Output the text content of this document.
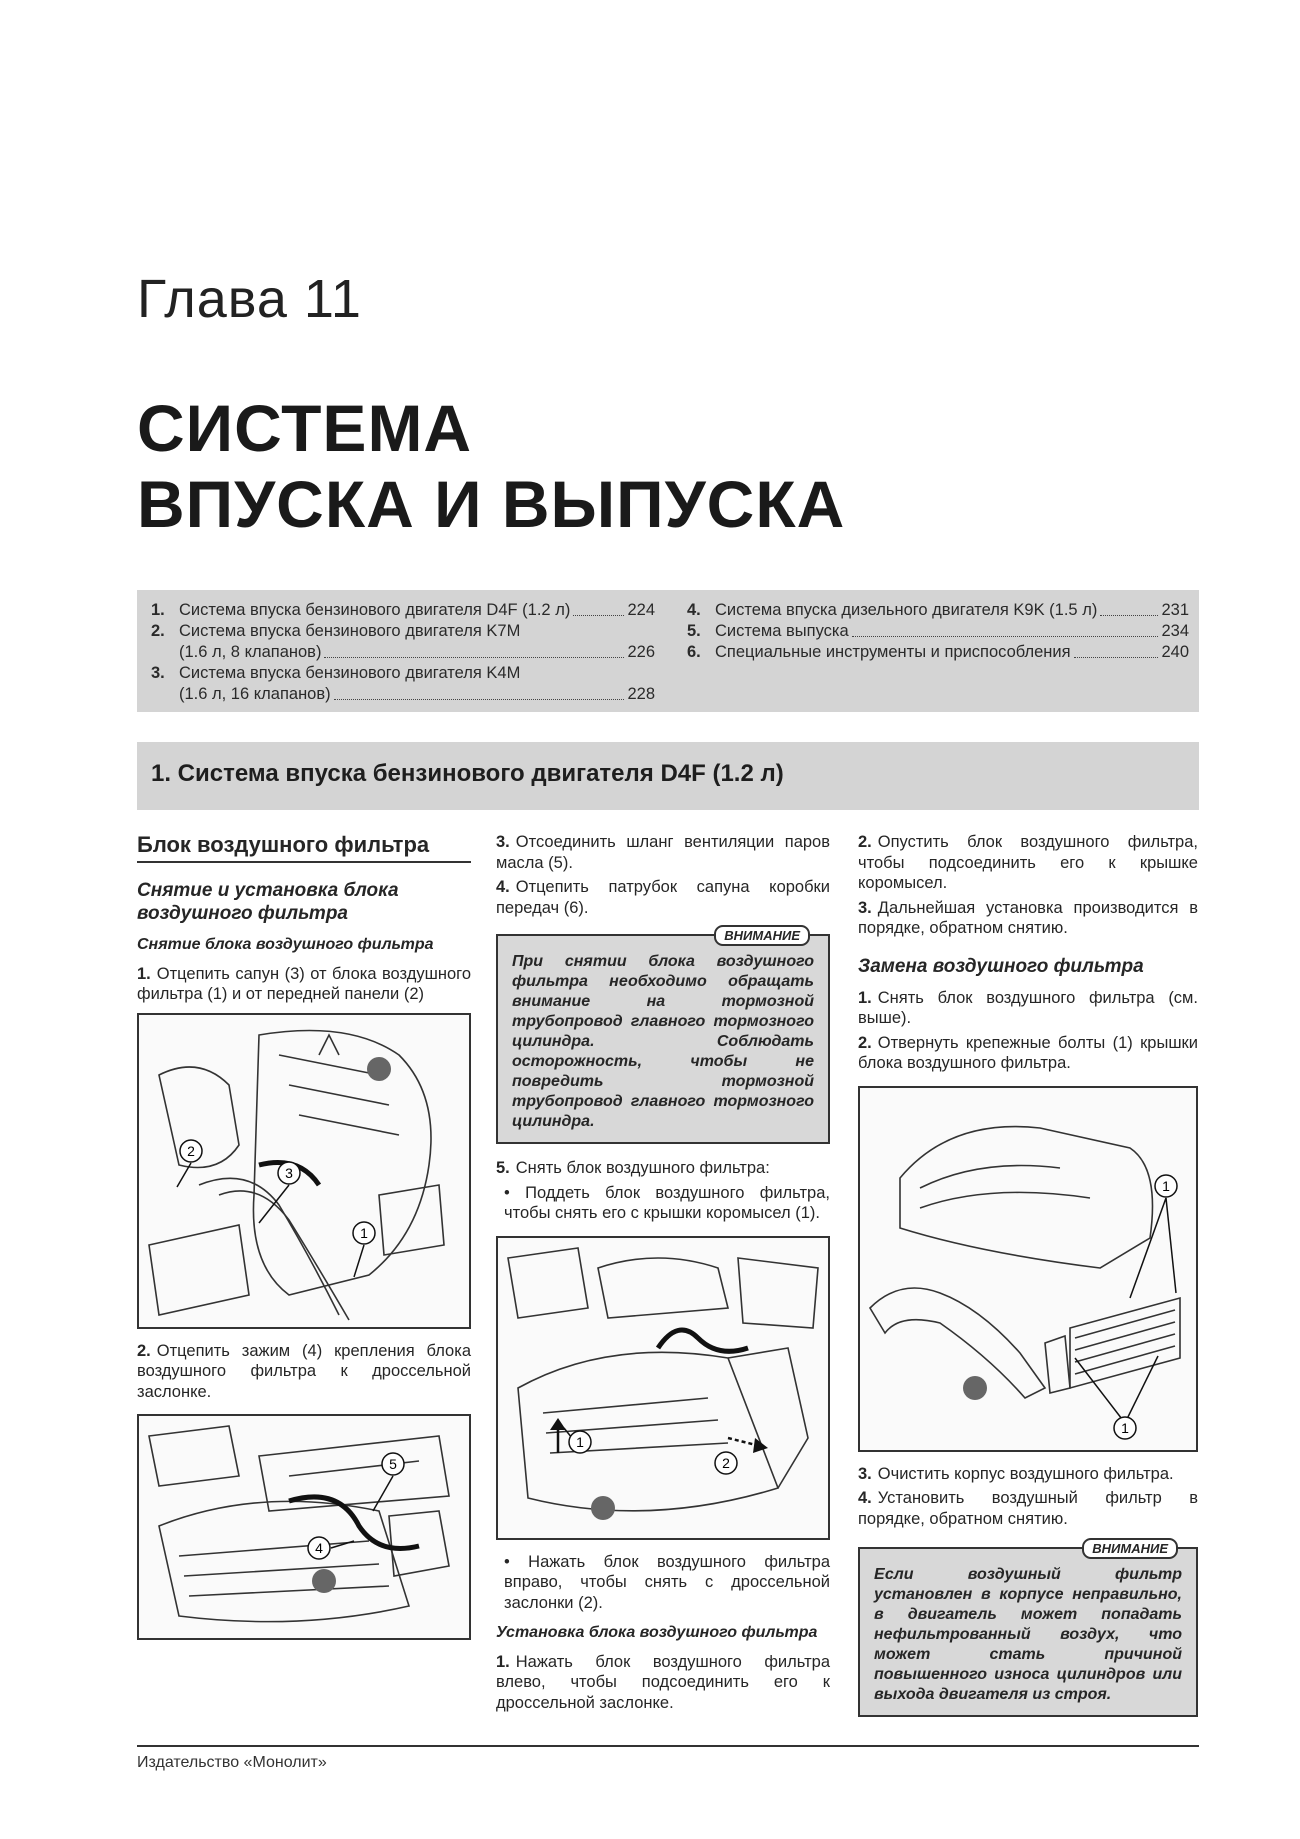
Глава 11
СИСТЕМА
ВПУСКА И ВЫПУСКА
1. Система впуска бензинового двигателя D4F (1.2 л)	224
2. Система впуска бензинового двигателя K7M
(1.6 л, 8 клапанов)	226
3. Система впуска бензинового двигателя K4M
(1.6 л, 16 клапанов)	228
4. Система впуска дизельного двигателя K9K (1.5 л)	231
5. Система выпуска	234
6. Специальные инструменты и приспособления	240
1. Система впуска бензинового двигателя D4F (1.2 л)
Блок воздушного фильтра
Снятие и установка блока воздушного фильтра
Снятие блока воздушного фильтра
1. Отцепить сапун (3) от блока воздушного фильтра (1) и от передней панели (2)
2
3
1
2. Отцепить зажим (4) крепления блока воздушного фильтра к дроссельной заслонке.
5
4
3. Отсоединить шланг вентиляции паров масла (5).
4. Отцепить патрубок сапуна коробки передач (6).
ВНИМАНИЕ
При снятии блока воздушного фильтра необходимо обращать внимание на тормозной трубопровод главного тормозного цилиндра. Соблюдать осторожность, чтобы не повредить тормозной трубопровод главного тормозного цилиндра.
5. Снять блок воздушного фильтра:
• Поддеть блок воздушного фильтра, чтобы снять его с крышки коромысел (1).
1
2
• Нажать блок воздушного фильтра вправо, чтобы снять с дроссельной заслонки (2).
Установка блока воздушного фильтра
1. Нажать блок воздушного фильтра влево, чтобы подсоединить его к дроссельной заслонке.
2. Опустить блок воздушного фильтра, чтобы подсоединить его к крышке коромысел.
3. Дальнейшая установка производится в порядке, обратном снятию.
Замена воздушного фильтра
1. Снять блок воздушного фильтра (см. выше).
2. Отвернуть крепежные болты (1) крышки блока воздушного фильтра.
1
1
3. Очистить корпус воздушного фильтра.
4. Установить воздушный фильтр в порядке, обратном снятию.
ВНИМАНИЕ
Если воздушный фильтр установлен в корпусе неправильно, в двигатель может попадать нефильтрованный воздух, что может стать причиной повышенного износа цилиндров или выхода двигателя из строя.
Издательство «Монолит»
